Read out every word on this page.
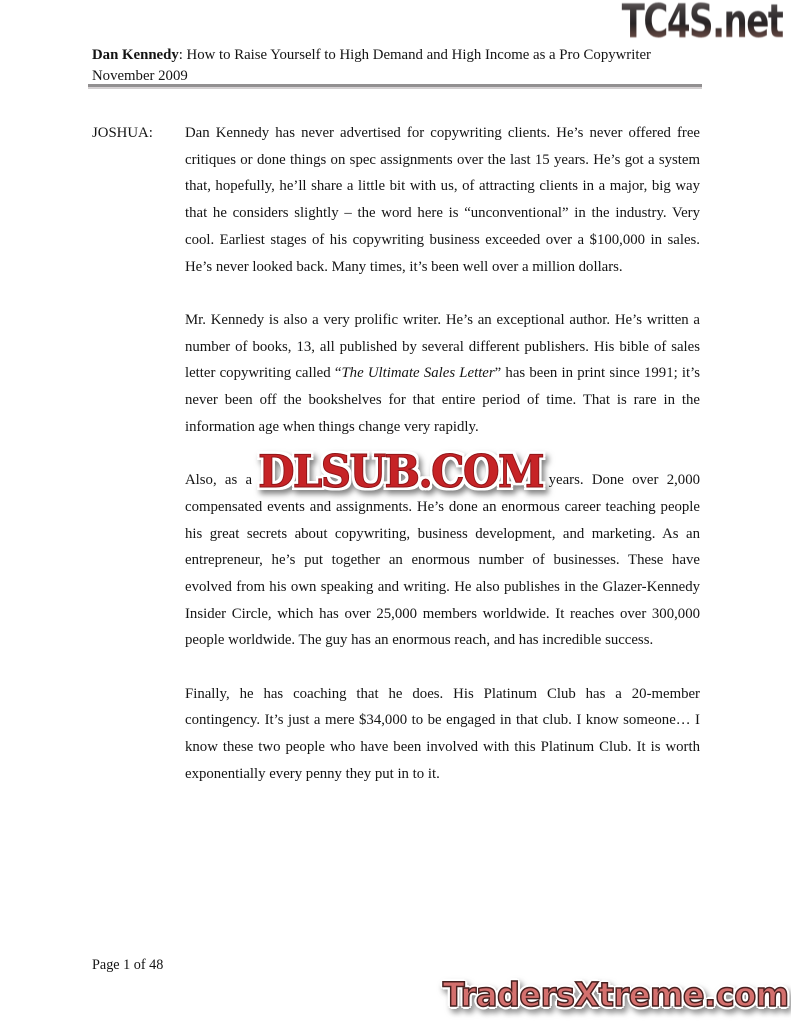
TC4S.net
Dan Kennedy: How to Raise Yourself to High Demand and High Income as a Pro Copywriter
November 2009
JOSHUA: Dan Kennedy has never advertised for copywriting clients. He’s never offered free critiques or done things on spec assignments over the last 15 years. He’s got a system that, hopefully, he’ll share a little bit with us, of attracting clients in a major, big way that he considers slightly – the word here is “unconventional” in the industry. Very cool. Earliest stages of his copywriting business exceeded over a $100,000 in sales. He’s never looked back. Many times, it’s been well over a million dollars.
Mr. Kennedy is also a very prolific writer. He’s an exceptional author. He’s written a number of books, 13, all published by several different publishers. His bible of sales letter copywriting called “The Ultimate Sales Letter” has been in print since 1991; it’s never been off the bookshelves for that entire period of time. That is rare in the information age when things change very rapidly.
Also, as a
DLSUB.COM
years. Done over 2,000 compensated events and assignments. He’s done an enormous career teaching people his great secrets about copywriting, business development, and marketing. As an entrepreneur, he’s put together an enormous number of businesses. These have evolved from his own speaking and writing. He also publishes in the Glazer-Kennedy Insider Circle, which has over 25,000 members worldwide. It reaches over 300,000 people worldwide. The guy has an enormous reach, and has incredible success.
Finally, he has coaching that he does. His Platinum Club has a 20-member contingency. It’s just a mere $34,000 to be engaged in that club. I know someone… I know these two people who have been involved with this Platinum Club. It is worth exponentially every penny they put in to it.
Page 1 of 48
TradersXtreme.com
